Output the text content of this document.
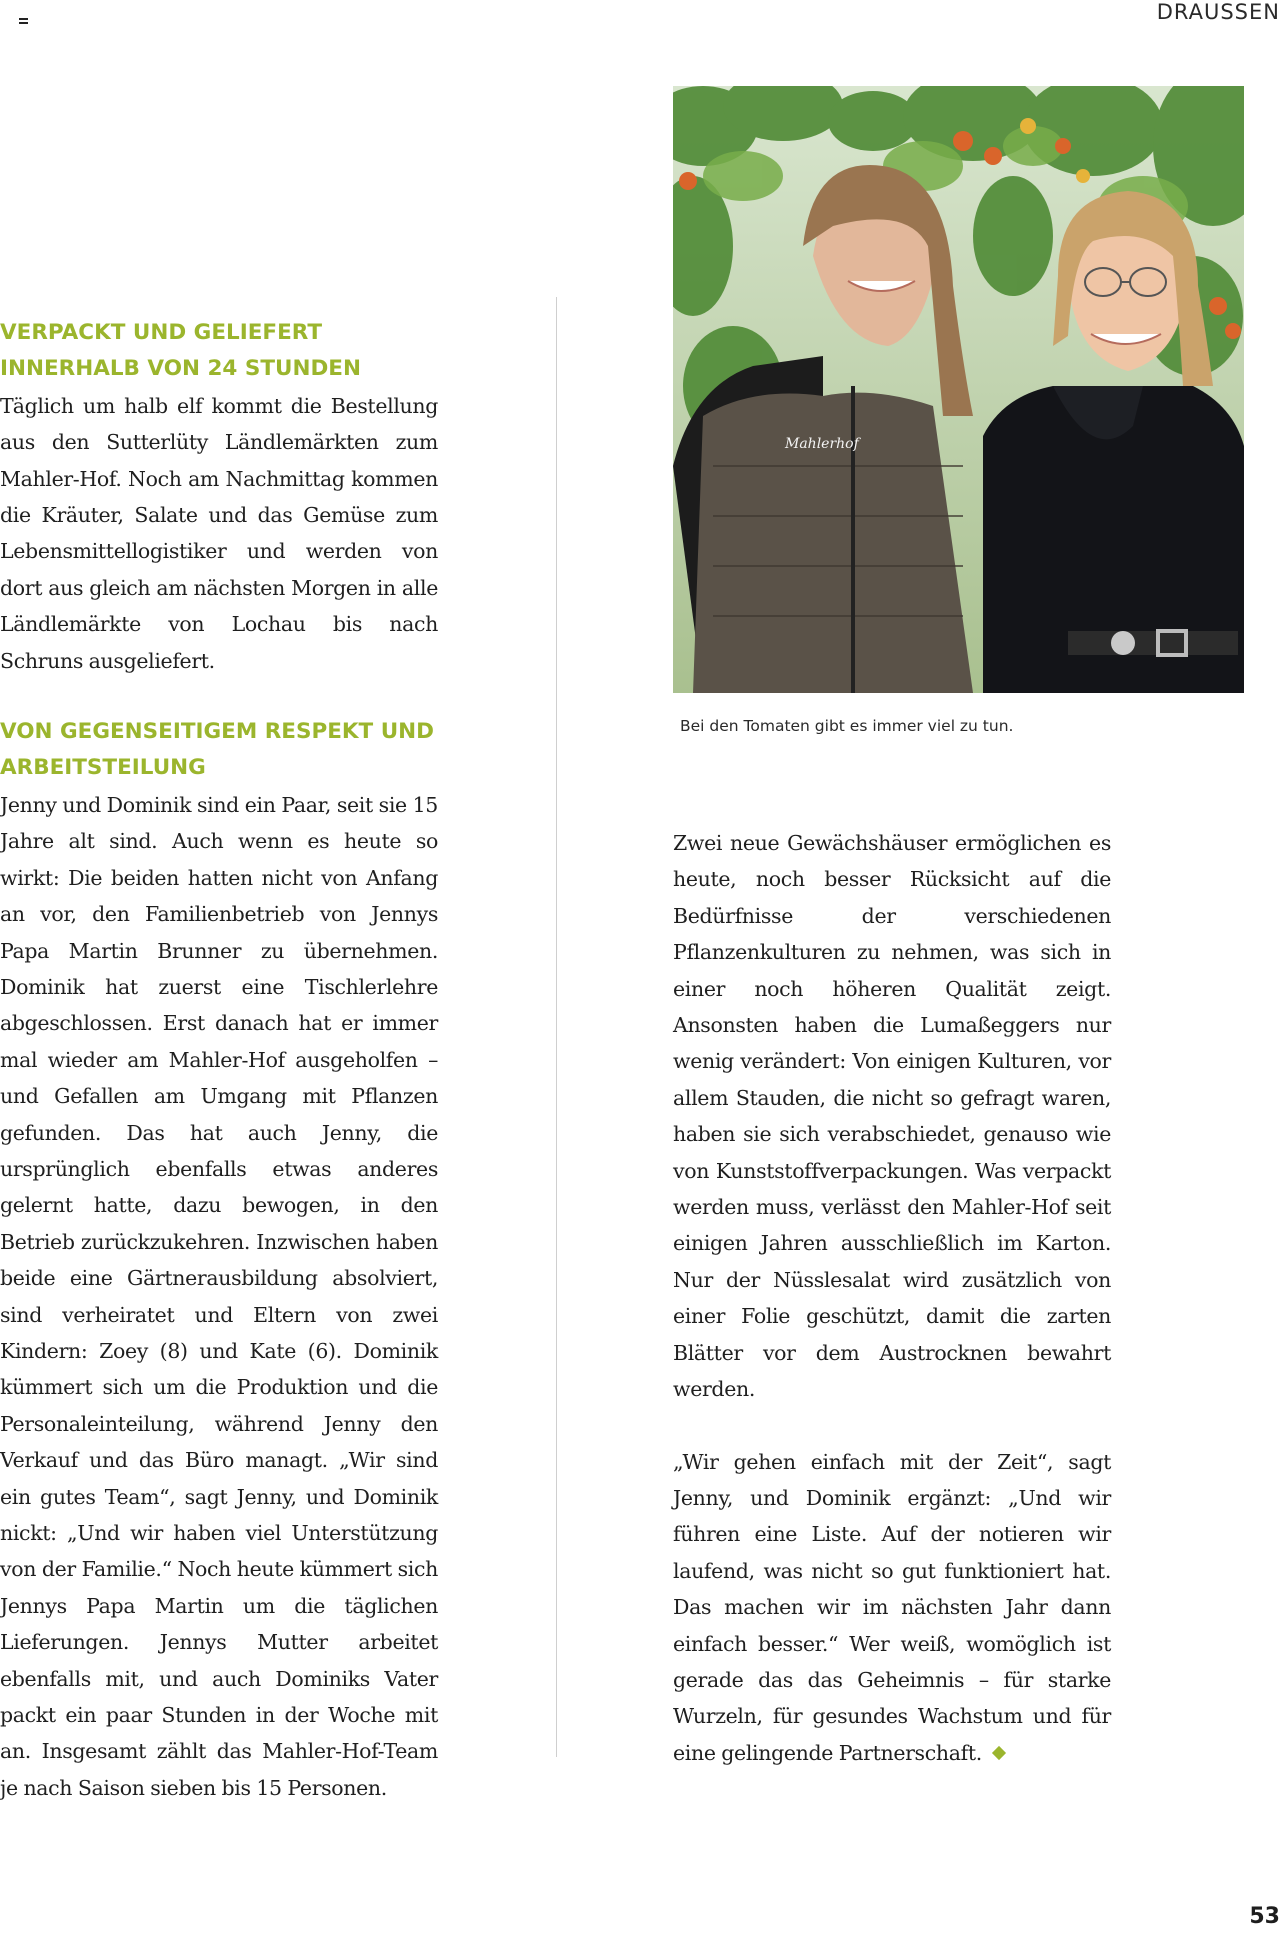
DRAUSSEN
VERPACKT UND GELIEFERT INNERHALB VON 24 STUNDEN

Täglich um halb elf kommt die Bestellung aus den Sutterlüty Ländlemärkten zum Mahler-Hof. Noch am Nachmittag kommen die Kräuter, Salate und das Gemüse zum Lebensmittellogistiker und werden von dort aus gleich am nächsten Morgen in alle Ländlemärkte von Lochau bis nach Schruns ausgeliefert.

VON GEGENSEITIGEM RESPEKT UND ARBEITSTEILUNG

Jenny und Dominik sind ein Paar, seit sie 15 Jahre alt sind. Auch wenn es heute so wirkt: Die beiden hatten nicht von Anfang an vor, den Familienbetrieb von Jennys Papa Martin Brunner zu übernehmen. Dominik hat zuerst eine Tischlerlehre abgeschlossen. Erst danach hat er immer mal wieder am Mahler-Hof ausgeholfen – und Gefallen am Umgang mit Pflanzen gefunden. Das hat auch Jenny, die ursprünglich ebenfalls etwas anderes gelernt hatte, dazu bewogen, in den Betrieb zurückzukehren. Inzwischen haben beide eine Gärtnerausbildung absolviert, sind verheiratet und Eltern von zwei Kindern: Zoey (8) und Kate (6). Dominik kümmert sich um die Produktion und die Personaleinteilung, während Jenny den Verkauf und das Büro managt. „Wir sind ein gutes Team“, sagt Jenny, und Dominik nickt: „Und wir haben viel Unterstützung von der Familie.“ Noch heute kümmert sich Jennys Papa Martin um die täglichen Lieferungen. Jennys Mutter arbeitet ebenfalls mit, und auch Dominiks Vater packt ein paar Stunden in der Woche mit an. Insgesamt zählt das Mahler-Hof-Team je nach Saison sieben bis 15 Personen.

Mahlerhof
Bei den Tomaten gibt es immer viel zu tun.

Zwei neue Gewächshäuser ermöglichen es heute, noch besser Rücksicht auf die Bedürfnisse der verschiedenen Pflanzenkulturen zu nehmen, was sich in einer noch höheren Qualität zeigt. Ansonsten haben die Lumaßeggers nur wenig verändert: Von einigen Kulturen, vor allem Stauden, die nicht so gefragt waren, haben sie sich verabschiedet, genauso wie von Kunststoffverpackungen. Was verpackt werden muss, verlässt den Mahler-Hof seit einigen Jahren ausschließlich im Karton. Nur der Nüsslesalat wird zusätzlich von einer Folie geschützt, damit die zarten Blätter vor dem Austrocknen bewahrt werden.

„Wir gehen einfach mit der Zeit“, sagt Jenny, und Dominik ergänzt: „Und wir führen eine Liste. Auf der notieren wir laufend, was nicht so gut funktioniert hat. Das machen wir im nächsten Jahr dann einfach besser.“ Wer weiß, womöglich ist gerade das das Geheimnis – für starke Wurzeln, für gesundes Wachstum und für eine gelingende Partnerschaft.

53
